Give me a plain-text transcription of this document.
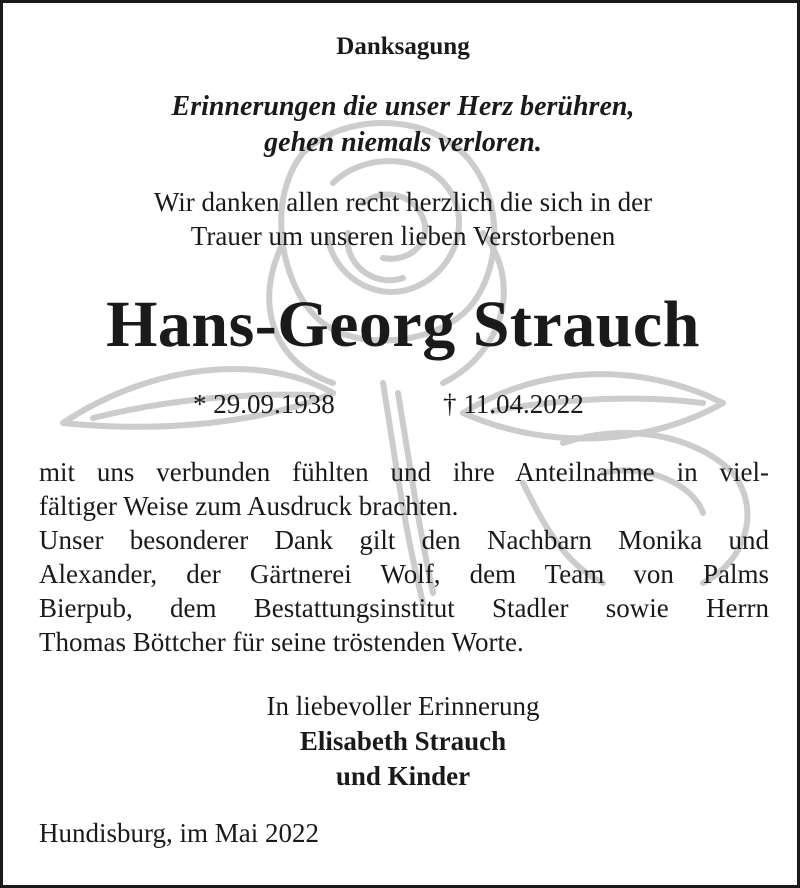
Danksagung
Erinnerungen die unser Herz berühren,
gehen niemals verloren.
Wir danken allen recht herzlich die sich in der
Trauer um unseren lieben Verstorbenen
Hans-Georg Strauch
* 29.09.1938	† 11.04.2022
mit uns verbunden fühlten und ihre Anteilnahme in viel-
fältiger Weise zum Ausdruck brachten.
Unser besonderer Dank gilt den Nachbarn Monika und
Alexander, der Gärtnerei Wolf, dem Team von Palms
Bierpub, dem Bestattungsinstitut Stadler sowie Herrn
Thomas Böttcher für seine tröstenden Worte.
In liebevoller Erinnerung
Elisabeth Strauch
und Kinder
Hundisburg, im Mai 2022
